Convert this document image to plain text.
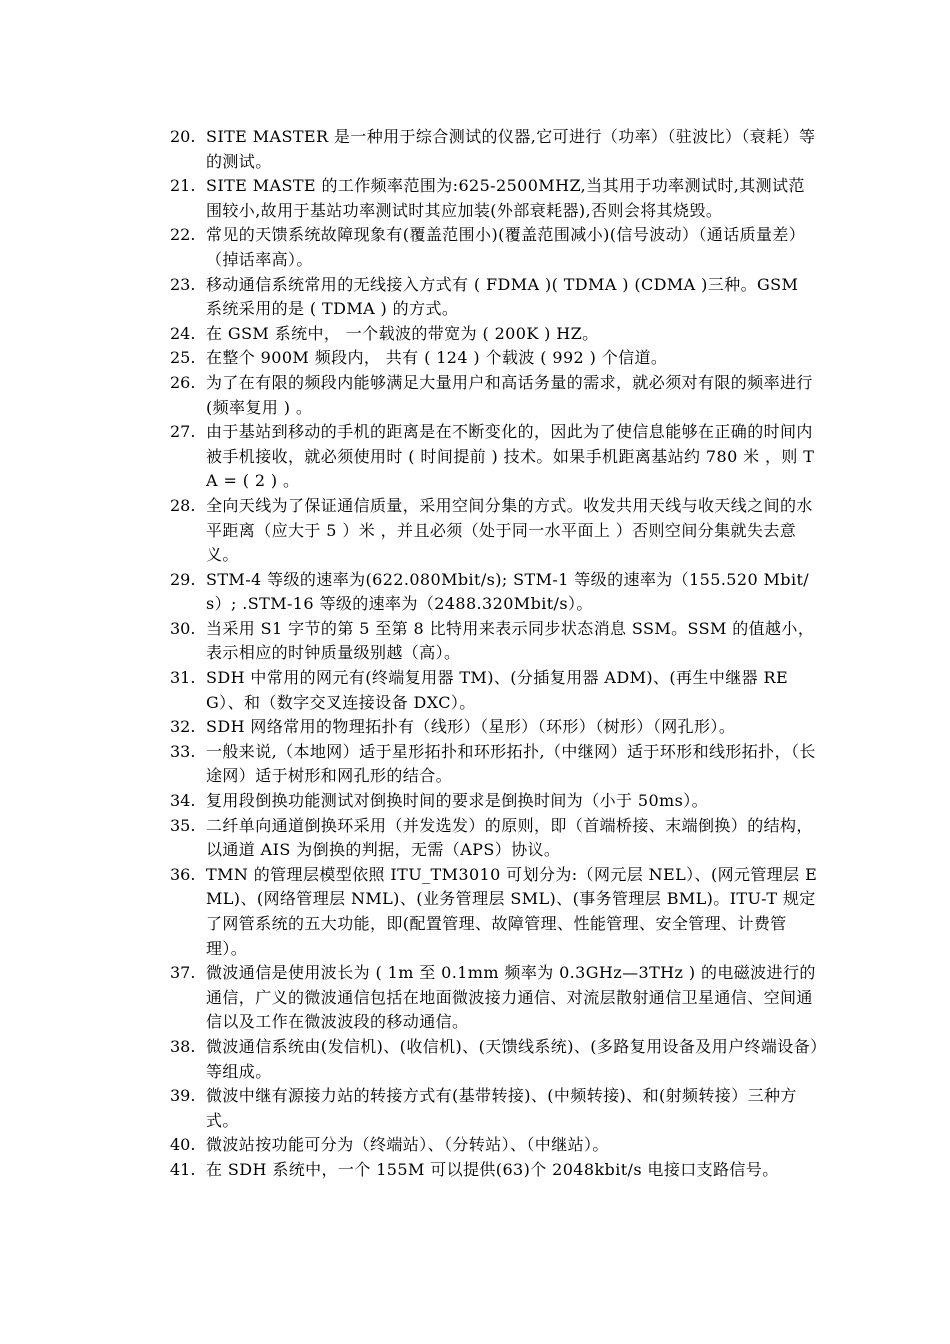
20. SITE MASTER 是一种用于综合测试的仪器,它可进行（功率）（驻波比）（衰耗）等的测试。
21. SITE MASTE 的工作频率范围为:625-2500MHZ,当其用于功率测试时,其测试范围较小,故用于基站功率测试时其应加装(外部衰耗器),否则会将其烧毁。
22. 常见的天馈系统故障现象有(覆盖范围小)(覆盖范围减小)(信号波动）（通话质量差）（掉话率高）。
23. 移动通信系统常用的无线接入方式有 ( FDMA )( TDMA ) (CDMA )三种。GSM 系统采用的是 ( TDMA ) 的方式。
24. 在 GSM 系统中， 一个载波的带宽为 ( 200K ) HZ。
25. 在整个 900M 频段内， 共有 ( 124 ) 个载波 ( 992 ) 个信道。
26. 为了在有限的频段内能够满足大量用户和高话务量的需求，就必须对有限的频率进行 (频率复用 ) 。
27. 由于基站到移动的手机的距离是在不断变化的，因此为了使信息能够在正确的时间内被手机接收，就必须使用时 ( 时间提前 ) 技术。如果手机距离基站约 780 米 ，则 TA = ( 2 ) 。
28. 全向天线为了保证通信质量，采用空间分集的方式。收发共用天线与收天线之间的水平距离（应大于 5 ）米 ，并且必须（处于同一水平面上 ）否则空间分集就失去意义。
29. STM-4 等级的速率为(622.080Mbit/s); STM-1 等级的速率为（155.520 Mbit/s）; .STM-16 等级的速率为（2488.320Mbit/s）。
30. 当采用 S1 字节的第 5 至第 8 比特用来表示同步状态消息 SSM。SSM 的值越小，表示相应的时钟质量级别越（高）。
31. SDH 中常用的网元有(终端复用器 TM)、(分插复用器 ADM)、(再生中继器 REG）、和（数字交叉连接设备 DXC）。
32. SDH 网络常用的物理拓扑有（线形）（星形）（环形）（树形）（网孔形）。
33. 一般来说,（本地网）适于星形拓扑和环形拓扑,（中继网）适于环形和线形拓扑，（长途网）适于树形和网孔形的结合。
34. 复用段倒换功能测试对倒换时间的要求是倒换时间为（小于 50ms）。
35. 二纤单向通道倒换环采用（并发选发）的原则，即（首端桥接、末端倒换）的结构，以通道 AIS 为倒换的判据，无需（APS）协议。
36. TMN 的管理层模型依照 ITU_TM3010 可划分为:（网元层 NEL）、(网元管理层 EML)、(网络管理层 NML)、(业务管理层 SML)、(事务管理层 BML)。ITU-T 规定了网管系统的五大功能，即(配置管理、故障管理、性能管理、安全管理、计费管理）。
37. 微波通信是使用波长为 ( 1m 至 0.1mm 频率为 0.3GHz—3THz ) 的电磁波进行的通信，广义的微波通信包括在地面微波接力通信、对流层散射通信卫星通信、空间通信以及工作在微波波段的移动通信。
38. 微波通信系统由(发信机)、(收信机)、(天馈线系统)、(多路复用设备及用户终端设备）等组成。
39. 微波中继有源接力站的转接方式有(基带转接)、(中频转接)、和(射频转接）三种方式。
40. 微波站按功能可分为（终端站）、（分转站）、（中继站）。
41. 在 SDH 系统中，一个 155M 可以提供(63)个 2048kbit/s 电接口支路信号。
